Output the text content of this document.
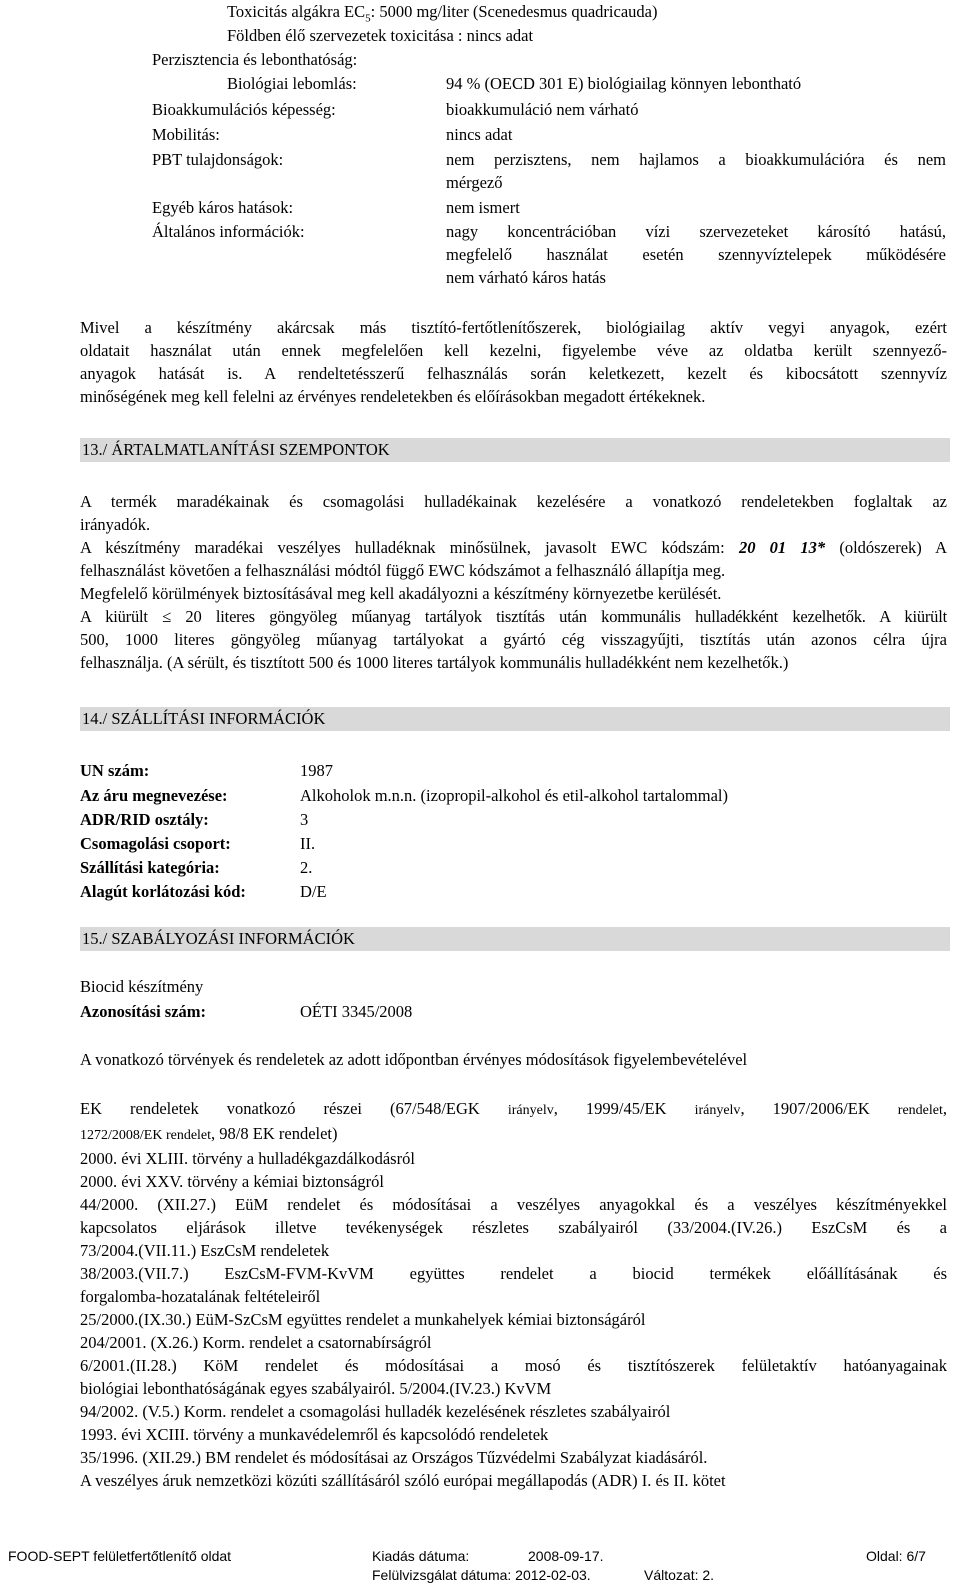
Toxicitás algákra $EC_5$: 5000 mg/liter (Scenedesmus quadricauda)
Földben élő szervezetek toxicitása : nincs adat
Perzisztencia és lebonthatóság:
Biológiai lebomlás:	94 % (OECD 301 E) biológiailag könnyen lebontható
Bioakkumulációs képesség:	bioakkumuláció nem várható
Mobilitás:	nincs adat
PBT tulajdonságok:	nem perzisztens, nem hajlamos a bioakkumulációra és nem
mérgező
Egyéb káros hatások:	nem ismert
Általános információk:	nagy koncentrációban vízi szervezeteket károsító hatású,
megfelelő használat esetén szennyvíztelepek működésére
nem várható káros hatás
Mivel a készítmény akárcsak más tisztító-fertőtlenítőszerek, biológiailag aktív vegyi anyagok, ezért
oldatait használat után ennek megfelelően kell kezelni, figyelembe véve az oldatba került szennyező-
anyagok hatását is. A rendeltetésszerű felhasználás során keletkezett, kezelt és kibocsátott szennyvíz
minőségének meg kell felelni az érvényes rendeletekben és előírásokban megadott értékeknek.
13./ ÁRTALMATLANÍTÁSI SZEMPONTOK
A termék maradékainak és csomagolási hulladékainak kezelésére a vonatkozó rendeletekben foglaltak az
irányadók.
A készítmény maradékai veszélyes hulladéknak minősülnek, javasolt EWC kódszám: 20 01 13* (oldószerek) A
felhasználást követően a felhasználási módtól függő EWC kódszámot a felhasználó állapítja meg.
Megfelelő körülmények biztosításával meg kell akadályozni a készítmény környezetbe kerülését.
A kiürült ≤ 20 literes göngyöleg műanyag tartályok tisztítás után kommunális hulladékként kezelhetők. A kiürült
500, 1000 literes göngyöleg műanyag tartályokat a gyártó cég visszagyűjti, tisztítás után azonos célra újra
felhasználja. (A sérült, és tisztított 500 és 1000 literes tartályok kommunális hulladékként nem kezelhetők.)
14./ SZÁLLÍTÁSI INFORMÁCIÓK
UN szám:	1987
Az áru megnevezése:	Alkoholok m.n.n. (izopropil-alkohol és etil-alkohol tartalommal)
ADR/RID osztály:	3
Csomagolási csoport:	II.
Szállítási kategória:	2.
Alagút korlátozási kód:	D/E
15./ SZABÁLYOZÁSI INFORMÁCIÓK
Biocid készítmény
Azonosítási szám:	OÉTI 3345/2008
A vonatkozó törvények és rendeletek az adott időpontban érvényes módosítások figyelembevételével
EK rendeletek vonatkozó részei (67/548/EGK irányelv, 1999/45/EK irányelv, 1907/2006/EK rendelet,
1272/2008/EK rendelet, 98/8 EK rendelet)
2000. évi XLIII. törvény a hulladékgazdálkodásról
2000. évi XXV. törvény a kémiai biztonságról
44/2000. (XII.27.) EüM rendelet és módosításai a veszélyes anyagokkal és a veszélyes készítményekkel
kapcsolatos eljárások illetve tevékenységek részletes szabályairól (33/2004.(IV.26.) EszCsM és a
73/2004.(VII.11.) EszCsM rendeletek
38/2003.(VII.7.) EszCsM-FVM-KvVM együttes rendelet a biocid termékek előállításának és
forgalomba-hozatalának feltételeiről
25/2000.(IX.30.) EüM-SzCsM együttes rendelet a munkahelyek kémiai biztonságáról
204/2001. (X.26.) Korm. rendelet a csatornabírságról
6/2001.(II.28.) KöM rendelet és módosításai a mosó és tisztítószerek felületaktív hatóanyagainak
biológiai lebonthatóságának egyes szabályairól. 5/2004.(IV.23.) KvVM
94/2002. (V.5.) Korm. rendelet a csomagolási hulladék kezelésének részletes szabályairól
1993. évi XCIII. törvény a munkavédelemről és kapcsolódó rendeletek
35/1996. (XII.29.) BM rendelet és módosításai az Országos Tűzvédelmi Szabályzat kiadásáról.
A veszélyes áruk nemzetközi közúti szállításáról szóló európai megállapodás (ADR) I. és II. kötet
FOOD-SEPT felületfertőtlenítő oldat	Kiadás dátuma:	2008-09-17.	Oldal: 6/7
Felülvizsgálat dátuma: 2012-02-03.	Változat: 2.
